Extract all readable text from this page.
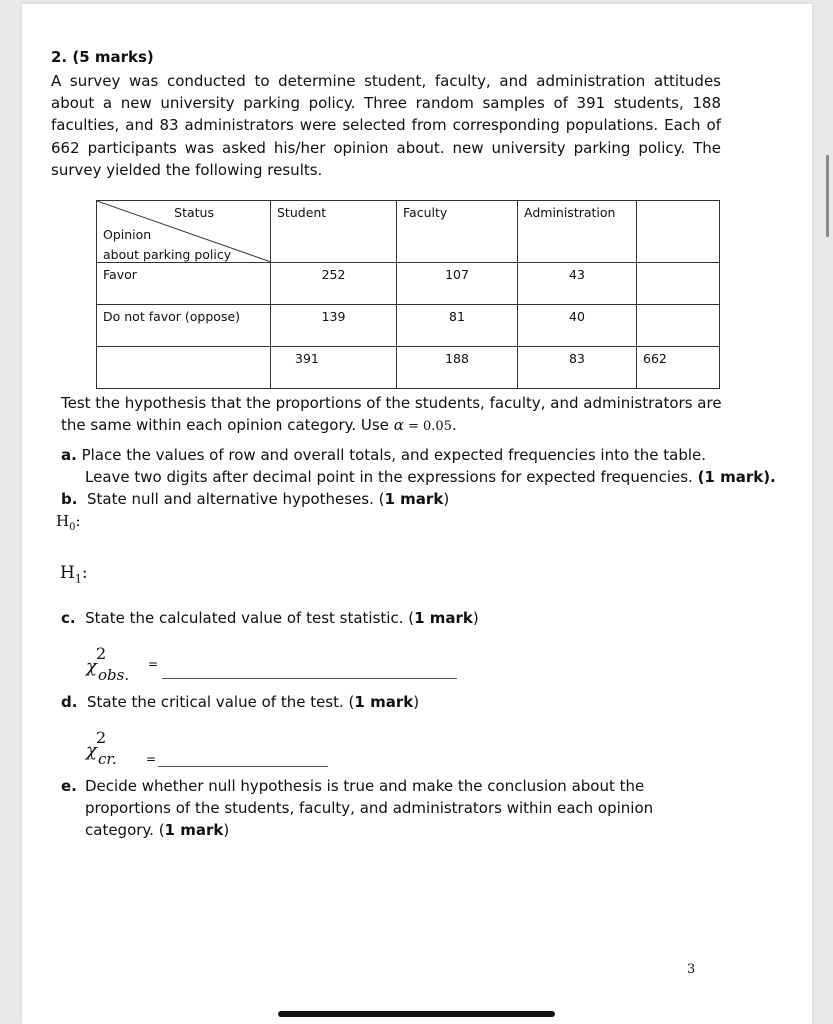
2. (5 marks)
A survey was conducted to determine student, faculty, and administration attitudes about a new university parking policy. Three random samples of 391 students, 188 faculties, and 83 administrators were selected from corresponding populations. Each of 662 participants was asked his/her opinion about. new university parking policy. The survey yielded the following results.
Status
Opinion
about parking policy	Student	Faculty	Administration	
Favor	252	107	43	
Do not favor (oppose)	139	81	40	
	391	188	83	662
Test the hypothesis that the proportions of the students, faculty, and administrators are
the same within each opinion category. Use α = 0.05.
a. Place the values of row and overall totals, and expected frequencies into the table.
Leave two digits after decimal point in the expressions for expected frequencies. (1 mark).
b. State null and alternative hypotheses. (1 mark)
$H_0$:
$H_1$:
c. State the calculated value of test statistic. (1 mark)
χ
2
obs.
=
d. State the critical value of the test. (1 mark)
χ
2
cr. =
e. Decide whether null hypothesis is true and make the conclusion about the
proportions of the students, faculty, and administrators within each opinion
category. (1 mark)
3
